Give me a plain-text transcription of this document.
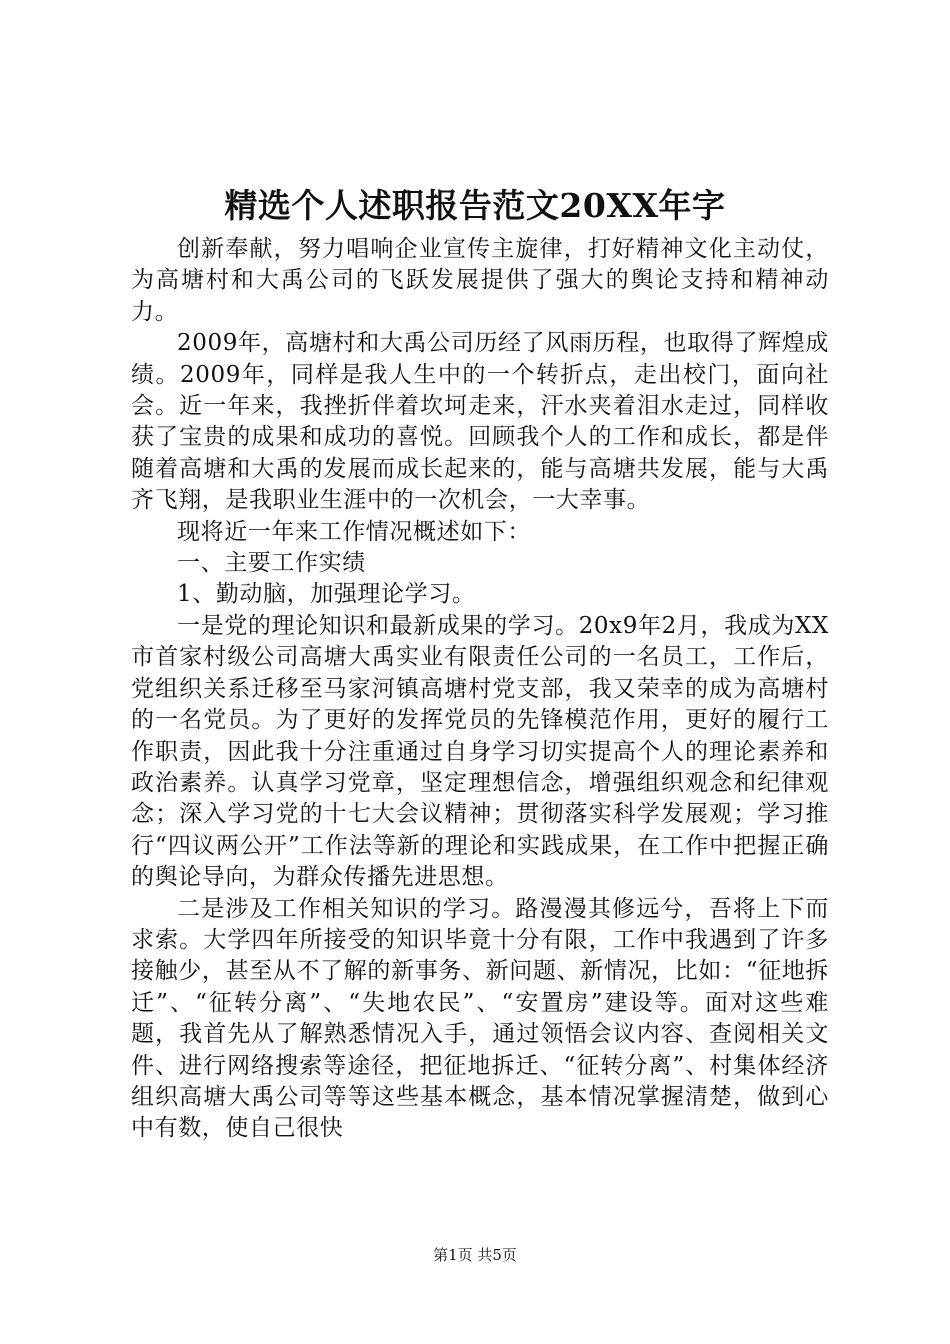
精选个人述职报告范文20XX年字

创新奉献，努力唱响企业宣传主旋律，打好精神文化主动仗，为高塘村和大禹公司的飞跃发展提供了强大的舆论支持和精神动力。

2009年，高塘村和大禹公司历经了风雨历程，也取得了辉煌成绩。2009年，同样是我人生中的一个转折点，走出校门，面向社会。近一年来，我挫折伴着坎坷走来，汗水夹着泪水走过，同样收获了宝贵的成果和成功的喜悦。回顾我个人的工作和成长，都是伴随着高塘和大禹的发展而成长起来的，能与高塘共发展，能与大禹齐飞翔，是我职业生涯中的一次机会，一大幸事。

现将近一年来工作情况概述如下：

一、主要工作实绩

1、勤动脑，加强理论学习。

一是党的理论知识和最新成果的学习。20x9年2月，我成为XX市首家村级公司高塘大禹实业有限责任公司的一名员工，工作后，党组织关系迁移至马家河镇高塘村党支部，我又荣幸的成为高塘村的一名党员。为了更好的发挥党员的先锋模范作用，更好的履行工作职责，因此我十分注重通过自身学习切实提高个人的理论素养和政治素养。认真学习党章，坚定理想信念，增强组织观念和纪律观念；深入学习党的十七大会议精神；贯彻落实科学发展观；学习推行“四议两公开”工作法等新的理论和实践成果，在工作中把握正确的舆论导向，为群众传播先进思想。

二是涉及工作相关知识的学习。路漫漫其修远兮，吾将上下而求索。大学四年所接受的知识毕竟十分有限，工作中我遇到了许多接触少，甚至从不了解的新事务、新问题、新情况，比如：“征地拆迁”、“征转分离”、“失地农民”、“安置房”建设等。面对这些难题，我首先从了解熟悉情况入手，通过领悟会议内容、查阅相关文件、进行网络搜索等途径，把征地拆迁、“征转分离”、村集体经济组织高塘大禹公司等等这些基本概念，基本情况掌握清楚，做到心中有数，使自己很快

第1页 共5页
